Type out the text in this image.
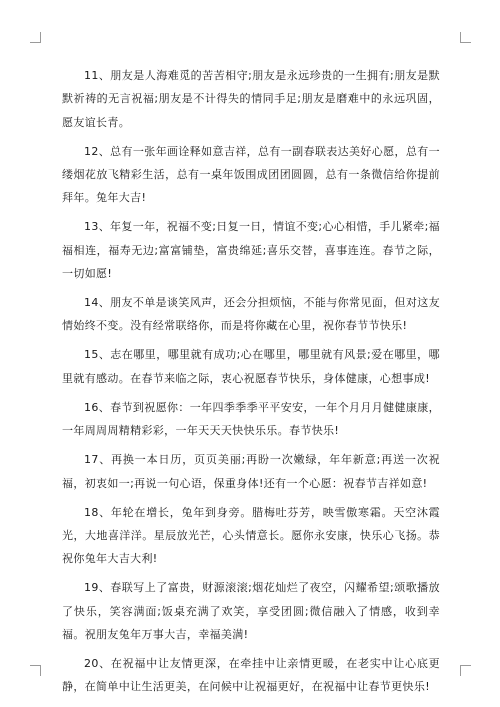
11、朋友是人海难觅的苦苦相守;朋友是永远珍贵的一生拥有;朋友是默默祈祷的无言祝福;朋友是不计得失的情同手足;朋友是磨难中的永远巩固，愿友谊长青。

12、总有一张年画诠释如意吉祥，总有一副春联表达美好心愿，总有一缕烟花放飞精彩生活，总有一桌年饭围成团团圆圆，总有一条微信给你提前拜年。兔年大吉!

13、年复一年，祝福不变;日复一日，情谊不变;心心相惜，手儿紧牵;福福相连，福寿无边;富富铺垫，富贵绵延;喜乐交替，喜事连连。春节之际，一切如愿!

14、朋友不单是谈笑风声，还会分担烦恼，不能与你常见面，但对这友情始终不变。没有经常联络你，而是将你藏在心里，祝你春节节快乐!

15、志在哪里，哪里就有成功;心在哪里，哪里就有风景;爱在哪里，哪里就有感动。在春节来临之际，衷心祝愿春节快乐，身体健康，心想事成!

16、春节到祝愿你：一年四季季季平平安安，一年个月月月健健康康，一年周周周精精彩彩，一年天天天快快乐乐。春节快乐!

17、再换一本日历，页页美丽;再盼一次嫩绿，年年新意;再送一次祝福，初衷如一;再说一句心语，保重身体!还有一个心愿：祝春节吉祥如意!

18、年轮在增长，兔年到身旁。腊梅吐芬芳，映雪傲寒霜。天空沐霞光，大地喜洋洋。星辰放光芒，心头情意长。愿你永安康，快乐心飞扬。恭祝你兔年大吉大利!

19、春联写上了富贵，财源滚滚;烟花灿烂了夜空，闪耀希望;颂歌播放了快乐，笑容满面;饭桌充满了欢笑，享受团圆;微信融入了情感，收到幸福。祝朋友兔年万事大吉，幸福美满!

20、在祝福中让友情更深，在牵挂中让亲情更暖，在老实中让心底更静，在简单中让生活更美，在问候中让祝福更好，在祝福中让春节更快乐!
